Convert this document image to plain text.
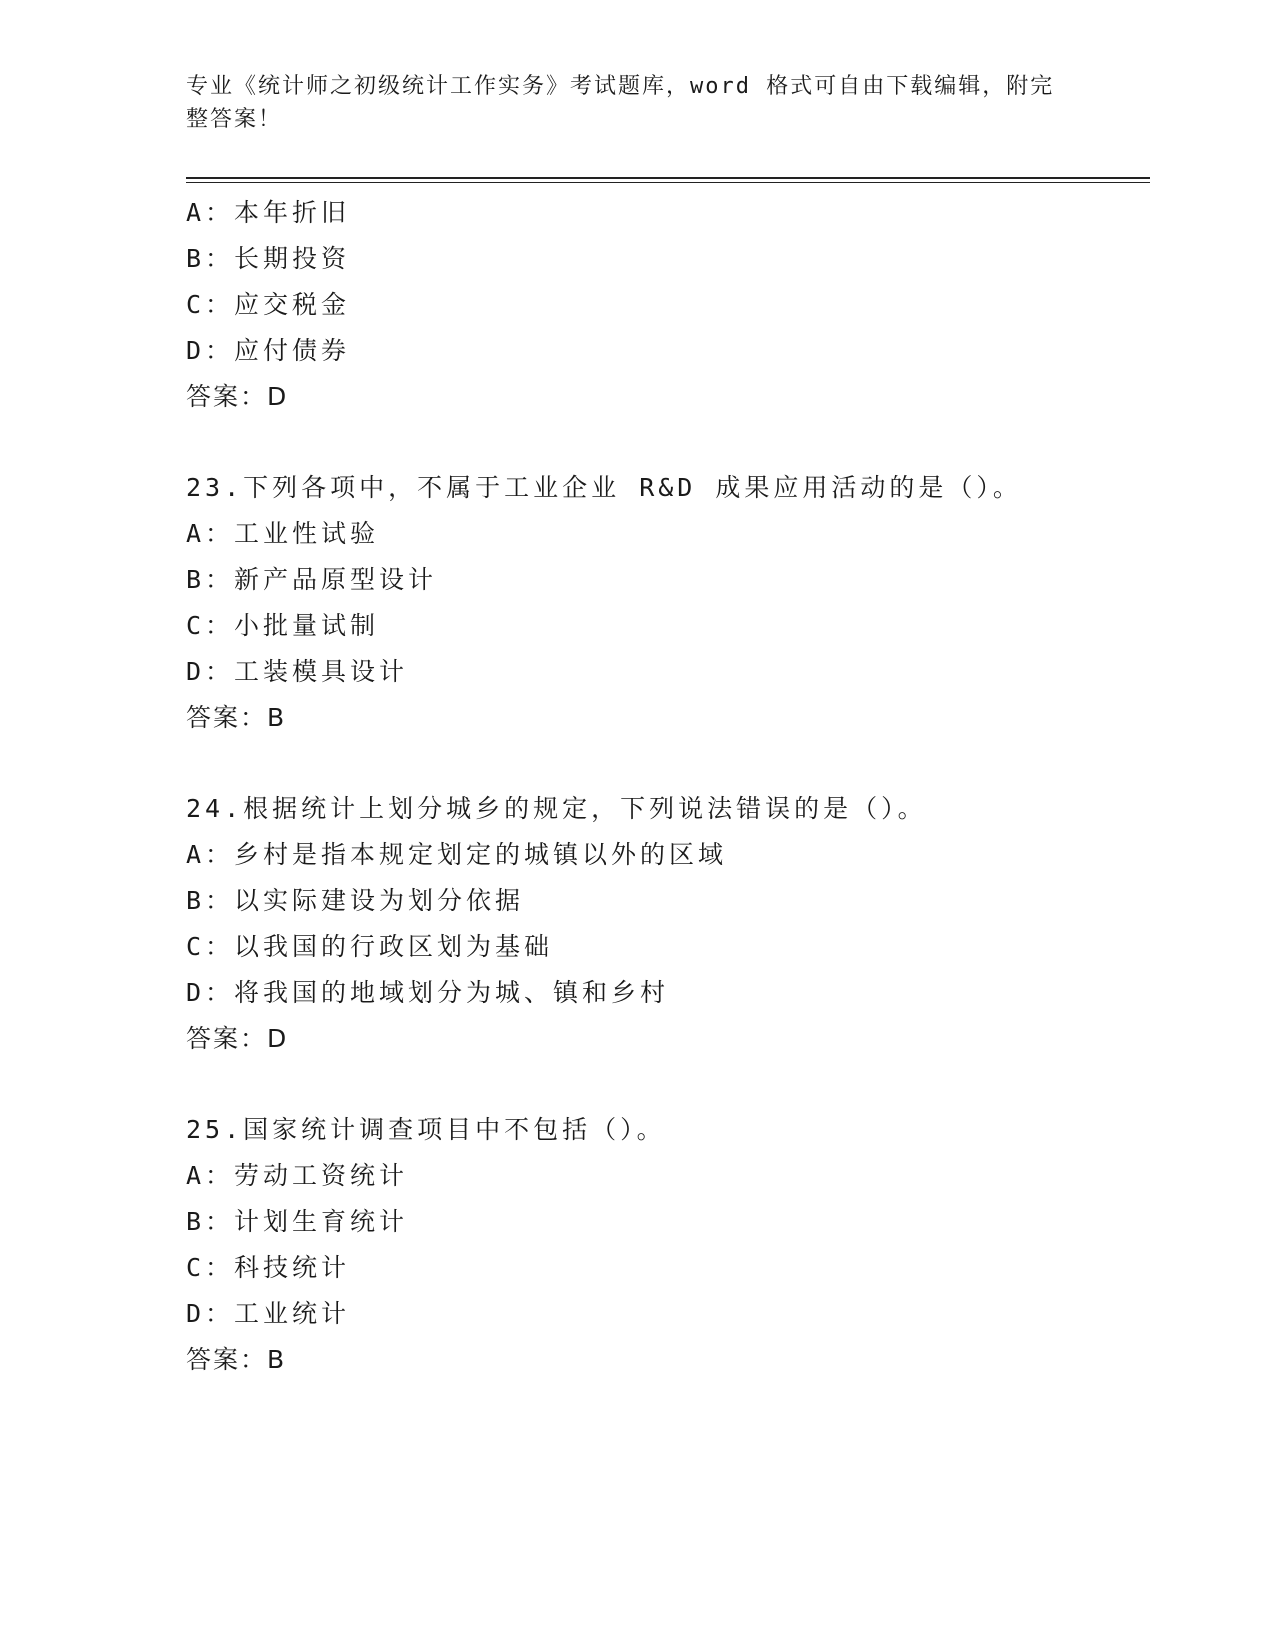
专业《统计师之初级统计工作实务》考试题库，word 格式可自由下载编辑，附完整答案！
A：本年折旧
B：长期投资
C：应交税金
D：应付债券
答案：D
23.下列各项中，不属于工业企业 R&D 成果应用活动的是（）。
A：工业性试验
B：新产品原型设计
C：小批量试制
D：工装模具设计
答案：B
24.根据统计上划分城乡的规定，下列说法错误的是（）。
A：乡村是指本规定划定的城镇以外的区域
B：以实际建设为划分依据
C：以我国的行政区划为基础
D：将我国的地域划分为城、镇和乡村
答案：D
25.国家统计调查项目中不包括（）。
A：劳动工资统计
B：计划生育统计
C：科技统计
D：工业统计
答案：B
